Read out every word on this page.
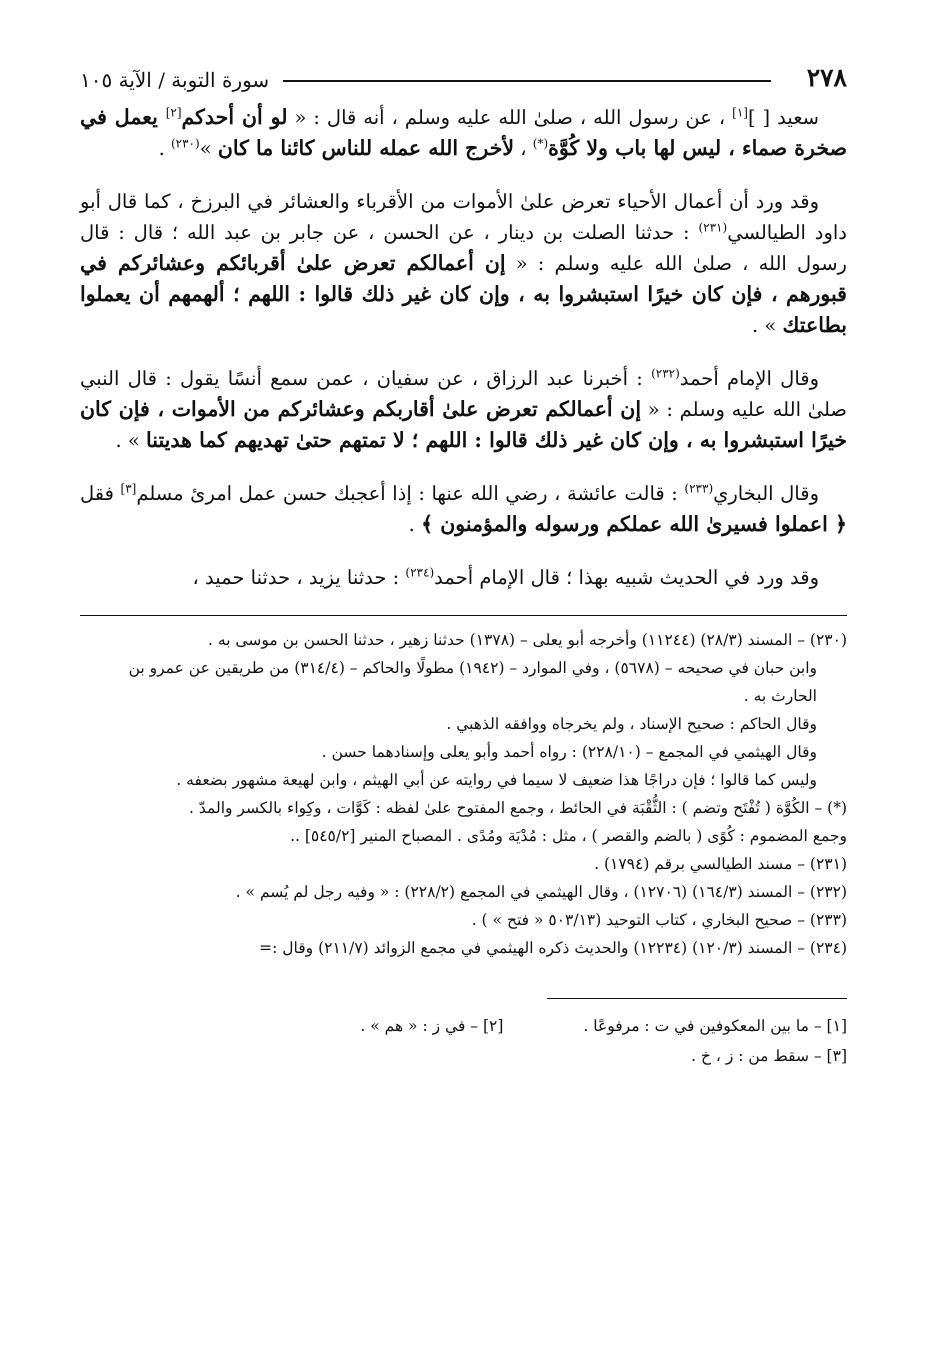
٢٧٨
سورة التوبة / الآية ١٠٥

سعيد [ ][١] ، عن رسول الله ، صلىٰ الله عليه وسلم ، أنه قال : « لو أن أحدكم[٢] يعمل في صخرة صماء ، ليس لها باب ولا كُوَّة(*) ، لأخرج الله عمله للناس كائنا ما كان »$^{(٢٣٠)}$ .

وقد ورد أن أعمال الأحياء تعرض علىٰ الأموات من الأقرباء والعشائر في البرزخ ، كما قال أبو داود الطيالسي$^{(٢٣١)}$ : حدثنا الصلت بن دينار ، عن الحسن ، عن جابر بن عبد الله ؛ قال : قال رسول الله ، صلىٰ الله عليه وسلم : « إن أعمالكم تعرض علىٰ أقربائكم وعشائركم في قبورهم ، فإن كان خيرًا استبشروا به ، وإن كان غير ذلك قالوا : اللهم ؛ ألهمهم أن يعملوا بطاعتك » .

وقال الإمام أحمد$^{(٢٣٢)}$ : أخبرنا عبد الرزاق ، عن سفيان ، عمن سمع أنسًا يقول : قال النبي صلىٰ الله عليه وسلم : « إن أعمالكم تعرض علىٰ أقاربكم وعشائركم من الأموات ، فإن كان خيرًا استبشروا به ، وإن كان غير ذلك قالوا : اللهم ؛ لا تمتهم حتىٰ تهديهم كما هديتنا » .

وقال البخاري$^{(٢٣٣)}$ : قالت عائشة ، رضي الله عنها : إذا أعجبك حسن عمل امرئ مسلم[٣] فقل ﴿ اعملوا فسيرىٰ الله عملكم ورسوله والمؤمنون ﴾ .

وقد ورد في الحديث شبيه بهذا ؛ قال الإمام أحمد$^{(٢٣٤)}$ : حدثنا يزيد ، حدثنا حميد ،

(٢٣٠) – المسند (٢٨/٣) (١١٢٤٤) وأخرجه أبو يعلى – (١٣٧٨) حدثنا زهير ، حدثنا الحسن بن موسى به .

وابن حبان في صحيحه – (٥٦٧٨) ، وفي الموارد – (١٩٤٢) مطولًا والحاكم – (٣١٤/٤) من طريقين عن عمرو بن الحارث به .

وقال الحاكم : صحيح الإسناد ، ولم يخرجاه ووافقه الذهبي .

وقال الهيثمي في المجمع – (٢٢٨/١٠) : رواه أحمد وأبو يعلى وإسنادهما حسن .

وليس كما قالوا ؛ فإن دراجًا هذا ضعيف لا سيما في روايته عن أبي الهيثم ، وابن لهيعة مشهور بضعفه .

(*) – الكُوَّة ( تُفْتَح وتضم ) : الثُّقْبَة في الحائط ، وجمع المفتوح علىٰ لفظه : كَوَّات ، وكِواء بالكسر والمدّ .

وجمع المضموم : كُوًى ( بالضم والقصر ) ، مثل : مُدْيَة ومُدًى . المصباح المنير [٥٤٥/٢] ..

(٢٣١) – مسند الطيالسي برقم (١٧٩٤) .

(٢٣٢) – المسند (١٦٤/٣) (١٢٧٠٦) ، وقال الهيثمي في المجمع (٢٢٨/٢) : « وفيه رجل لم يُسم » .

(٢٣٣) – صحيح البخاري ، كتاب التوحيد (٥٠٣/١٣ « فتح » ) .

(٢٣٤) – المسند (١٢٠/٣) (١٢٢٣٤) والحديث ذكره الهيثمي في مجمع الزوائد (٢١١/٧) وقال :=

[١] – ما بين المعكوفين في ت : مرفوعًا .
[٢] – في ز : « هم » .
[٣] – سقط من : ز ، خ .
